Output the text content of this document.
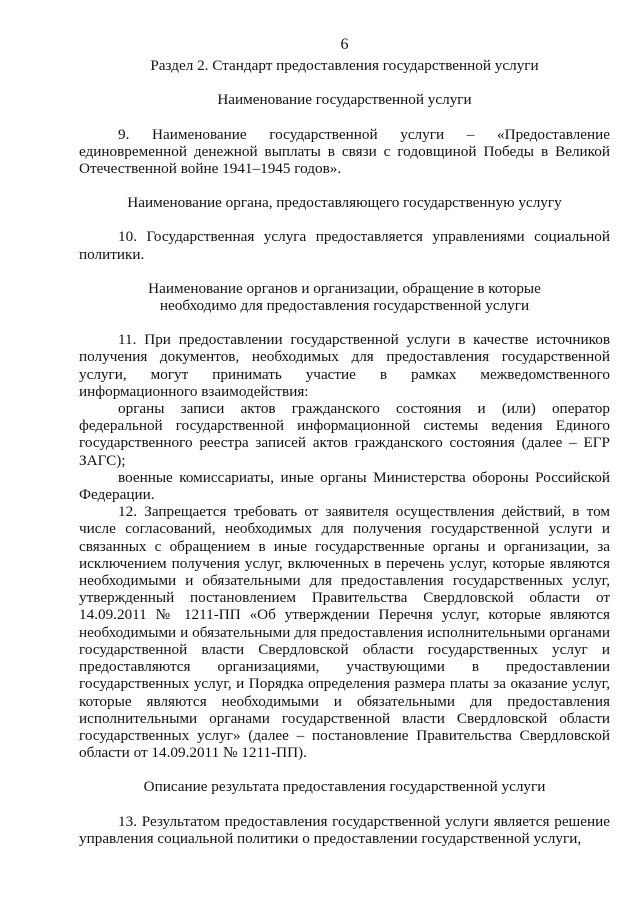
6

Раздел 2. Стандарт предоставления государственной услуги

Наименование государственной услуги

9. Наименование государственной услуги – «Предоставление единовременной денежной выплаты в связи с годовщиной Победы в Великой Отечественной войне 1941–1945 годов».

Наименование органа, предоставляющего государственную услугу

10. Государственная услуга предоставляется управлениями социальной политики.

Наименование органов и организации, обращение в которые

необходимо для предоставления государственной услуги

11. При предоставлении государственной услуги в качестве источников получения документов, необходимых для предоставления государственной услуги, могут принимать участие в рамках межведомственного информационного взаимодействия:

органы записи актов гражданского состояния и (или) оператор федеральной государственной информационной системы ведения Единого государственного реестра записей актов гражданского состояния (далее – ЕГР ЗАГС);

военные комиссариаты, иные органы Министерства обороны Российской Федерации.

12. Запрещается требовать от заявителя осуществления действий, в том числе согласований, необходимых для получения государственной услуги и связанных с обращением в иные государственные органы и организации, за исключением получения услуг, включенных в перечень услуг, которые являются необходимыми и обязательными для предоставления государственных услуг, утвержденный постановлением Правительства Свердловской области от 14.09.2011 № 1211-ПП «Об утверждении Перечня услуг, которые являются необходимыми и обязательными для предоставления исполнительными органами государственной власти Свердловской области государственных услуг и предоставляются организациями, участвующими в предоставлении государственных услуг, и Порядка определения размера платы за оказание услуг, которые являются необходимыми и обязательными для предоставления исполнительными органами государственной власти Свердловской области государственных услуг» (далее – постановление Правительства Свердловской области от 14.09.2011 № 1211-ПП).

Описание результата предоставления государственной услуги

13. Результатом предоставления государственной услуги является решение управления социальной политики о предоставлении государственной услуги,
